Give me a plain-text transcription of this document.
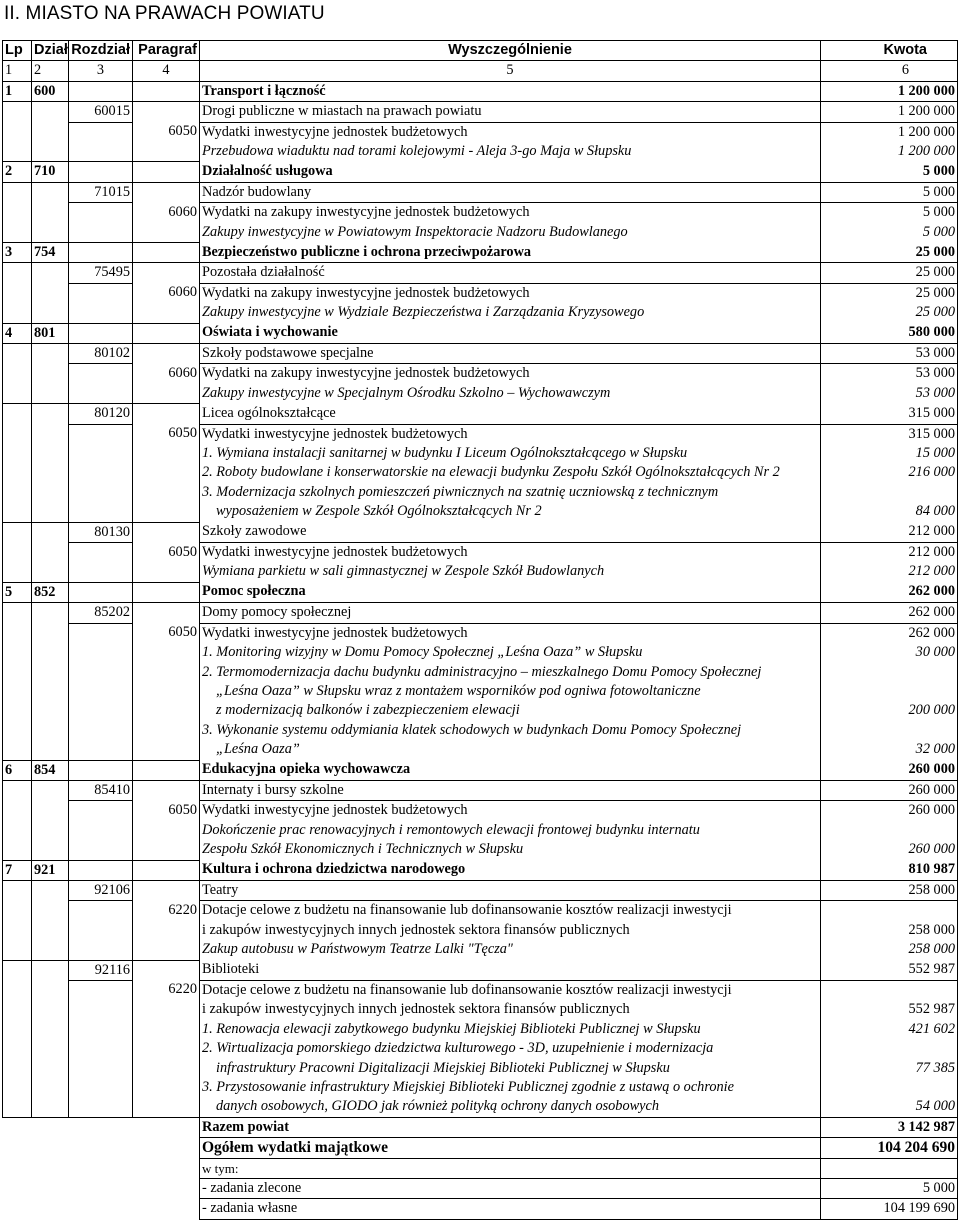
II. MIASTO NA PRAWACH POWIATU
Lp	Dział	Rozdział	Paragraf	Wyszczególnienie	Kwota
1	2	3	4	5	6
1	600			Transport i łączność	1 200 000
		60015		Drogi publiczne w miastach na prawach powiatu	1 200 000
			6050	Wydatki inwestycyjne jednostek budżetowych	1 200 000
				Przebudowa wiaduktu nad torami kolejowymi - Aleja 3-go Maja w Słupsku	1 200 000
2	710			Działalność usługowa	5 000
		71015		Nadzór budowlany	5 000
			6060	Wydatki na zakupy inwestycyjne jednostek budżetowych	5 000
				Zakupy inwestycyjne w Powiatowym Inspektoracie Nadzoru Budowlanego	5 000
3	754			Bezpieczeństwo publiczne i ochrona przeciwpożarowa	25 000
		75495		Pozostała działalność	25 000
			6060	Wydatki na zakupy inwestycyjne jednostek budżetowych	25 000
				Zakupy inwestycyjne w Wydziale Bezpieczeństwa i Zarządzania Kryzysowego	25 000
4	801			Oświata i wychowanie	580 000
		80102		Szkoły podstawowe specjalne	53 000
			6060	Wydatki na zakupy inwestycyjne jednostek budżetowych	53 000
				Zakupy inwestycyjne w Specjalnym Ośrodku Szkolno – Wychowawczym	53 000
		80120		Licea ogólnokształcące	315 000
			6050	Wydatki inwestycyjne jednostek budżetowych	315 000
				1. Wymiana instalacji sanitarnej w budynku I Liceum Ogólnokształcącego w Słupsku	15 000
				2. Roboty budowlane i konserwatorskie na elewacji budynku Zespołu Szkół Ogólnokształcących Nr 2	216 000
				3. Modernizacja szkolnych pomieszczeń piwnicznych na szatnię uczniowską z technicznym	
				wyposażeniem w Zespole Szkół Ogólnokształcących Nr 2	84 000
		80130		Szkoły zawodowe	212 000
			6050	Wydatki inwestycyjne jednostek budżetowych	212 000
				Wymiana parkietu w sali gimnastycznej w Zespole Szkół Budowlanych	212 000
5	852			Pomoc społeczna	262 000
		85202		Domy pomocy społecznej	262 000
			6050	Wydatki inwestycyjne jednostek budżetowych	262 000
				1. Monitoring wizyjny w Domu Pomocy Społecznej „Leśna Oaza” w Słupsku	30 000
				2. Termomodernizacja dachu budynku administracyjno – mieszkalnego Domu Pomocy Społecznej	
				„Leśna Oaza” w Słupsku wraz z montażem wsporników pod ogniwa fotowoltaniczne	
				z modernizacją balkonów i zabezpieczeniem elewacji	200 000
				3. Wykonanie systemu oddymiania klatek schodowych w budynkach Domu Pomocy Społecznej	
				„Leśna Oaza”	32 000
6	854			Edukacyjna opieka wychowawcza	260 000
		85410		Internaty i bursy szkolne	260 000
			6050	Wydatki inwestycyjne jednostek budżetowych	260 000
				Dokończenie prac renowacyjnych i remontowych elewacji frontowej budynku internatu	
				Zespołu Szkół Ekonomicznych i Technicznych w Słupsku	260 000
7	921			Kultura i ochrona dziedzictwa narodowego	810 987
		92106		Teatry	258 000
			6220	Dotacje celowe z budżetu na finansowanie lub dofinansowanie kosztów realizacji inwestycji	
				i zakupów inwestycyjnych innych jednostek sektora finansów publicznych	258 000
				Zakup autobusu w Państwowym Teatrze Lalki "Tęcza"	258 000
		92116		Biblioteki	552 987
			6220	Dotacje celowe z budżetu na finansowanie lub dofinansowanie kosztów realizacji inwestycji	
				i zakupów inwestycyjnych innych jednostek sektora finansów publicznych	552 987
				1. Renowacja elewacji zabytkowego budynku Miejskiej Biblioteki Publicznej w Słupsku	421 602
				2. Wirtualizacja pomorskiego dziedzictwa kulturowego - 3D, uzupełnienie i modernizacja	
				infrastruktury Pracowni Digitalizacji Miejskiej Biblioteki Publicznej w Słupsku	77 385
				3. Przystosowanie infrastruktury Miejskiej Biblioteki Publicznej zgodnie z ustawą o ochronie	
				danych osobowych, GIODO jak również polityką ochrony danych osobowych	54 000
				Razem powiat	3 142 987
				Ogółem wydatki majątkowe	104 204 690
				w tym:	
				- zadania zlecone	5 000
				- zadania własne	104 199 690
